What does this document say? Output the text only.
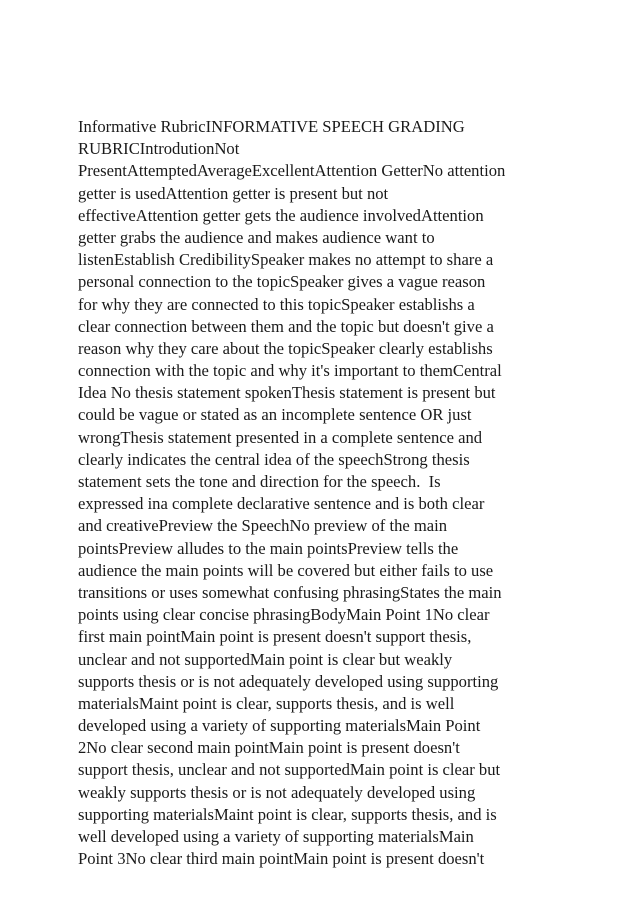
Informative RubricINFORMATIVE SPEECH GRADING
RUBRICIntrodutionNot
PresentAttemptedAverageExcellentAttention GetterNo attention
getter is usedAttention getter is present but not
effectiveAttention getter gets the audience involvedAttention
getter grabs the audience and makes audience want to
listenEstablish CredibilitySpeaker makes no attempt to share a
personal connection to the topicSpeaker gives a vague reason
for why they are connected to this topicSpeaker establishs a
clear connection between them and the topic but doesn't give a
reason why they care about the topicSpeaker clearly establishs
connection with the topic and why it's important to themCentral
Idea No thesis statement spokenThesis statement is present but
could be vague or stated as an incomplete sentence OR just
wrongThesis statement presented in a complete sentence and
clearly indicates the central idea of the speechStrong thesis
statement sets the tone and direction for the speech.  Is
expressed ina complete declarative sentence and is both clear
and creativePreview the SpeechNo preview of the main
pointsPreview alludes to the main pointsPreview tells the
audience the main points will be covered but either fails to use
transitions or uses somewhat confusing phrasingStates the main
points using clear concise phrasingBodyMain Point 1No clear
first main pointMain point is present doesn't support thesis,
unclear and not supportedMain point is clear but weakly
supports thesis or is not adequately developed using supporting
materialsMaint point is clear, supports thesis, and is well
developed using a variety of supporting materialsMain Point
2No clear second main pointMain point is present doesn't
support thesis, unclear and not supportedMain point is clear but
weakly supports thesis or is not adequately developed using
supporting materialsMaint point is clear, supports thesis, and is
well developed using a variety of supporting materialsMain
Point 3No clear third main pointMain point is present doesn't
